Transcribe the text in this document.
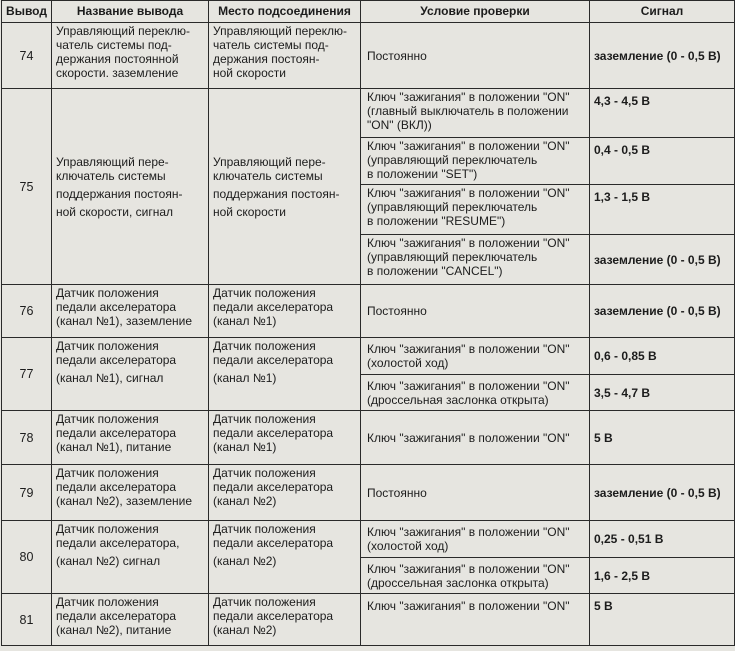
Вывод	Название вывода	Место подсоединения	Условие проверки	Сигнал
74	Управляющий переклю-
чатель системы под-
держания постоянной
скорости. заземление	Управляющий переклю-
чатель системы под-
держания постоян-
ной скорости	Постоянно	заземление (0 - 0,5 В)
75	Управляющий пере-
ключатель системы
поддержания постоян-
ной скорости, сигнал	Управляющий пере-
ключатель системы
поддержания постоян-
ной скорости	Ключ "зажигания" в положении "ON"
(главный выключатель в положении
"ON" (ВКЛ))	4,3 - 4,5 В

			Ключ "зажигания" в положении "ON"
(управляющий переключатель
в положении "SET")	0,4 - 0,5 В

			Ключ "зажигания" в положении "ON"
(управляющий переключатель
в положении "RESUME")	1,3 - 1,5 В

			Ключ "зажигания" в положении "ON"
(управляющий переключатель
в положении "CANCEL")	заземление (0 - 0,5 В)
76	Датчик положения
педали акселератора
(канал №1), заземление	Датчик положения
педали акселератора
(канал №1)	Постоянно	заземление (0 - 0,5 В)
77	Датчик положения
педали акселератора
(канал №1), сигнал	Датчик положения
педали акселератора
(канал №1)	Ключ "зажигания" в положении "ON"
(холостой ход)	0,6 - 0,85 В

			Ключ "зажигания" в положении "ON"
(дроссельная заслонка открыта)	3,5 - 4,7 В
78	Датчик положения
педали акселератора
(канал №1), питание	Датчик положения
педали акселератора
(канал №1)	Ключ "зажигания" в положении "ON"	5 В
79	Датчик положения
педали акселератора
(канал №2), заземление	Датчик положения
педали акселератора
(канал №2)	Постоянно	заземление (0 - 0,5 В)
80	Датчик положения
педали акселератора,
(канал №2) сигнал	Датчик положения
педали акселератора
(канал №2)	Ключ "зажигания" в положении "ON"
(холостой ход)	0,25 - 0,51 В

			Ключ "зажигания" в положении "ON"
(дроссельная заслонка открыта)	1,6 - 2,5 В
81	Датчик положения
педали акселератора
(канал №2), питание	Датчик положения
педали акселератора
(канал №2)	Ключ "зажигания" в положении "ON"	5 В
